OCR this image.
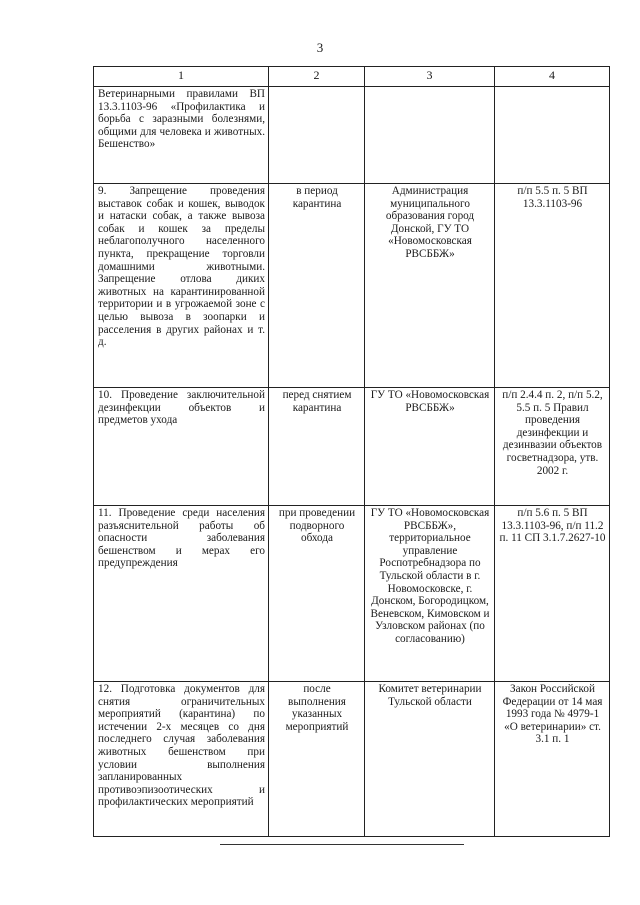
3
1	2	3	4
Ветеринарными правилами ВП 13.3.1103-96 «Профилактика и борьба с заразными болезнями, общими для человека и животных. Бешенство»			
9. Запрещение проведения выставок собак и кошек, выводок и натаски собак, а также вывоза собак и кошек за пределы неблагополучного населенного пункта, прекращение торговли домашними животными. Запрещение отлова диких животных на карантинированной территории и в угрожаемой зоне с целью вывоза в зоопарки и расселения в других районах и т. д.	в период карантина	Администрация муниципального образования город Донской, ГУ ТО «Новомосковская РВСББЖ»	п/п 5.5 п. 5 ВП 13.3.1103-96
10. Проведение заключительной дезинфекции объектов и предметов ухода	перед снятием карантина	ГУ ТО «Новомосковская РВСББЖ»	п/п 2.4.4 п. 2, п/п 5.2, 5.5 п. 5 Правил проведения дезинфекции и дезинвазии объектов госветнадзора, утв. 2002 г.
11. Проведение среди населения разъяснительной работы об опасности заболевания бешенством и мерах его предупреждения	при проведении подворного обхода	ГУ ТО «Новомосковская РВСББЖ», территориальное управление Роспотребнадзора по Тульской области в г. Новомосковске, г. Донском, Богородицком, Веневском, Кимовском и Узловском районах (по согласованию)	п/п 5.6 п. 5 ВП 13.3.1103-96, п/п 11.2 п. 11 СП 3.1.7.2627-10
12. Подготовка документов для снятия ограничительных мероприятий (карантина) по истечении 2-х месяцев со дня последнего случая заболевания животных бешенством при условии выполнения запланированных противоэпизоотических и профилактических мероприятий	после выполнения указанных мероприятий	Комитет ветеринарии Тульской области	Закон Российской Федерации от 14 мая 1993 года № 4979-1 «О ветеринарии» ст. 3.1 п. 1
